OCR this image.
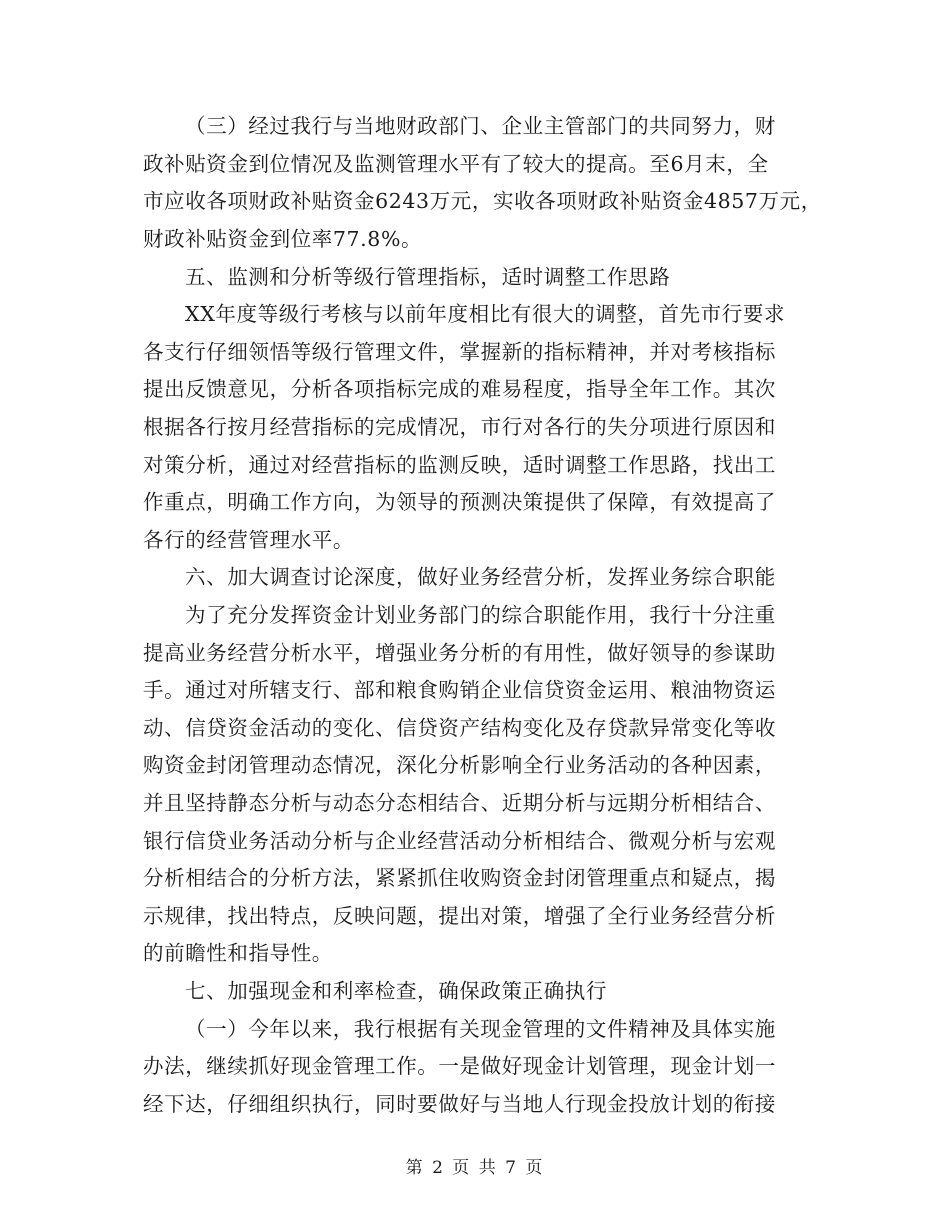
（三）经过我行与当地财政部门、企业主管部门的共同努力，财
政补贴资金到位情况及监测管理水平有了较大的提高。至6月末，全
市应收各项财政补贴资金6243万元，实收各项财政补贴资金4857万元，
财政补贴资金到位率77.8%。
五、监测和分析等级行管理指标，适时调整工作思路
XX年度等级行考核与以前年度相比有很大的调整，首先市行要求
各支行仔细领悟等级行管理文件，掌握新的指标精神，并对考核指标
提出反馈意见，分析各项指标完成的难易程度，指导全年工作。其次
根据各行按月经营指标的完成情况，市行对各行的失分项进行原因和
对策分析，通过对经营指标的监测反映，适时调整工作思路，找出工
作重点，明确工作方向，为领导的预测决策提供了保障，有效提高了
各行的经营管理水平。
六、加大调查讨论深度，做好业务经营分析，发挥业务综合职能
为了充分发挥资金计划业务部门的综合职能作用，我行十分注重
提高业务经营分析水平，增强业务分析的有用性，做好领导的参谋助
手。通过对所辖支行、部和粮食购销企业信贷资金运用、粮油物资运
动、信贷资金活动的变化、信贷资产结构变化及存贷款异常变化等收
购资金封闭管理动态情况，深化分析影响全行业务活动的各种因素，
并且坚持静态分析与动态分态相结合、近期分析与远期分析相结合、
银行信贷业务活动分析与企业经营活动分析相结合、微观分析与宏观
分析相结合的分析方法，紧紧抓住收购资金封闭管理重点和疑点，揭
示规律，找出特点，反映问题，提出对策，增强了全行业务经营分析
的前瞻性和指导性。
七、加强现金和利率检查，确保政策正确执行
（一）今年以来，我行根据有关现金管理的文件精神及具体实施
办法，继续抓好现金管理工作。一是做好现金计划管理，现金计划一
经下达，仔细组织执行，同时要做好与当地人行现金投放计划的衔接
第 2 页 共 7 页
